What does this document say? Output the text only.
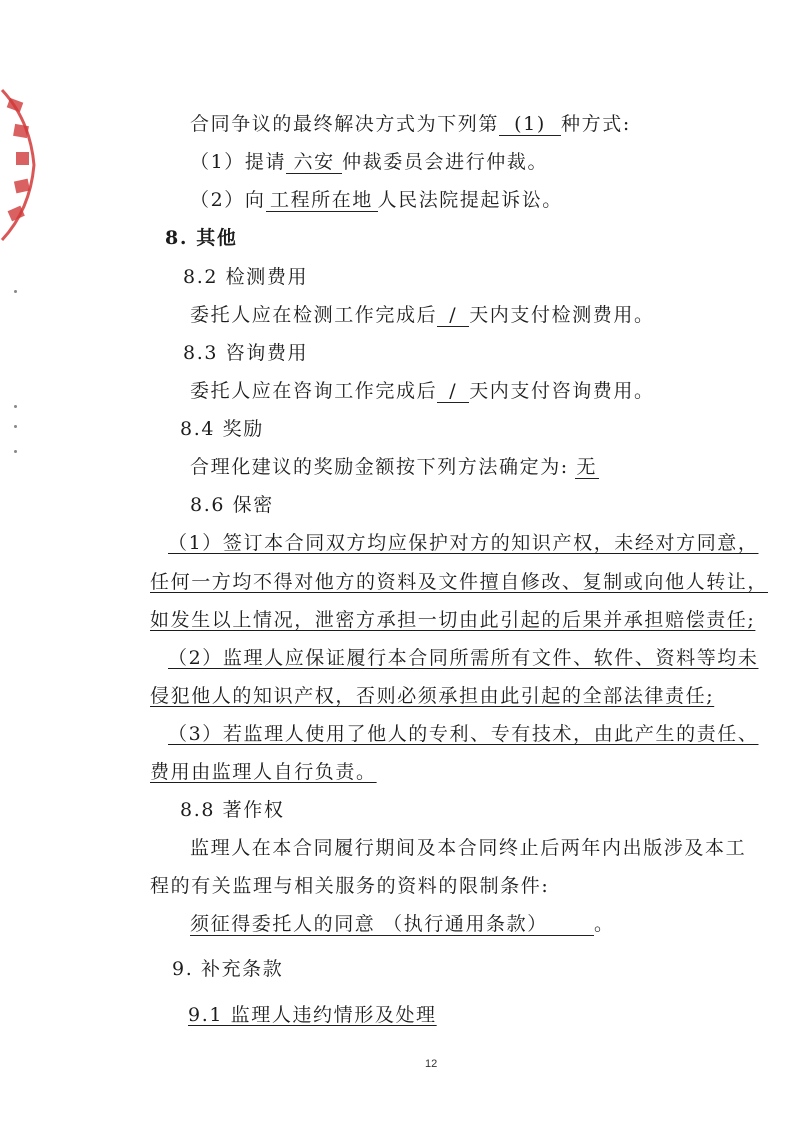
合同争议的最终解决方式为下列第 (1) 种方式:
（1）提请 六安 仲裁委员会进行仲裁。
（2）向 工程所在地 人民法院提起诉讼。
8. 其他
8.2 检测费用
委托人应在检测工作完成后 / 天内支付检测费用。
8.3 咨询费用
委托人应在咨询工作完成后 / 天内支付咨询费用。
8.4 奖励
合理化建议的奖励金额按下列方法确定为: 无
8.6 保密
（1）签订本合同双方均应保护对方的知识产权，未经对方同意，
任何一方均不得对他方的资料及文件擅自修改、复制或向他人转让，
如发生以上情况，泄密方承担一切由此引起的后果并承担赔偿责任;
（2）监理人应保证履行本合同所需所有文件、软件、资料等均未
侵犯他人的知识产权，否则必须承担由此引起的全部法律责任;
（3）若监理人使用了他人的专利、专有技术，由此产生的责任、
费用由监理人自行负责。
8.8 著作权
监理人在本合同履行期间及本合同终止后两年内出版涉及本工
程的有关监理与相关服务的资料的限制条件:
须征得委托人的同意 （执行通用条款） 。
9. 补充条款
9.1 监理人违约情形及处理
12
